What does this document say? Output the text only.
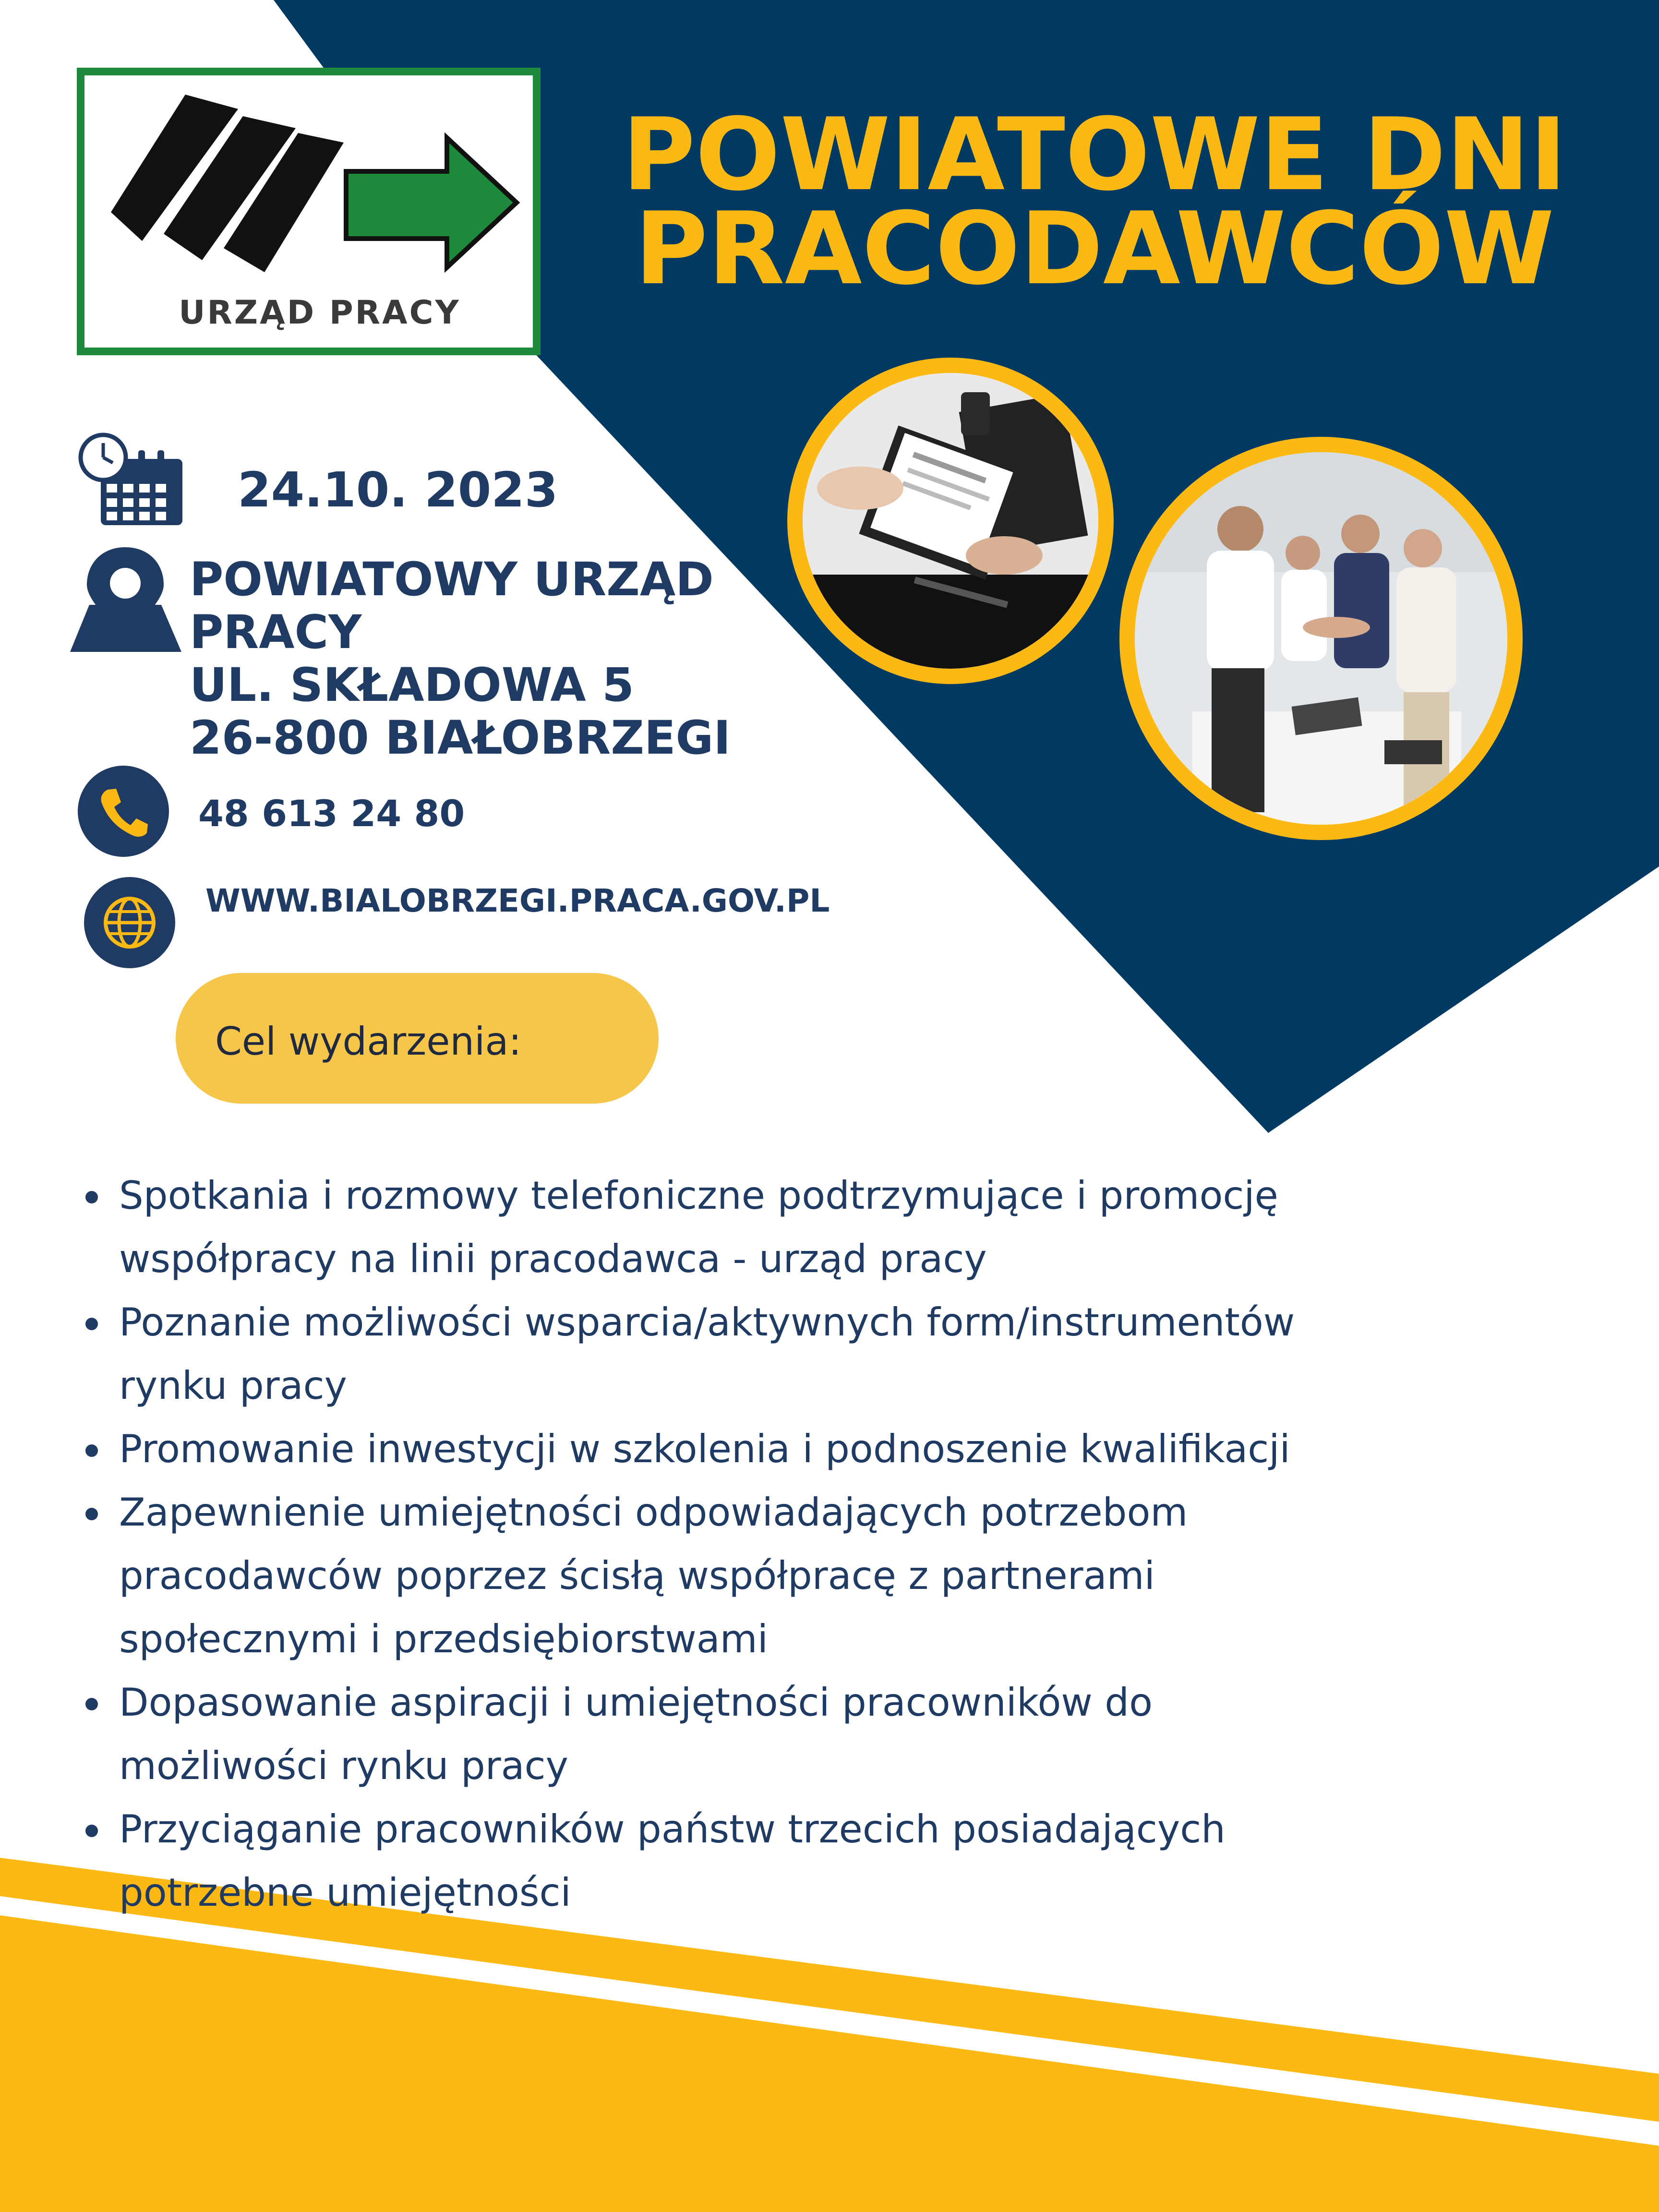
URZĄD PRACY
POWIATOWE DNI
PRACODAWCÓW
24.10. 2023
POWIATOWY URZĄD
PRACY
UL. SKŁADOWA 5
26-800 BIAŁOBRZEGI
48 613 24 80
WWW.BIALOBRZEGI.PRACA.GOV.PL
Cel wydarzenia:
Spotkania i rozmowy telefoniczne podtrzymujące i promocję
współpracy na linii pracodawca - urząd pracy
Poznanie możliwości wsparcia/aktywnych form/instrumentów
rynku pracy
Promowanie inwestycji w szkolenia i podnoszenie kwalifikacji
Zapewnienie umiejętności odpowiadających potrzebom
pracodawców poprzez ścisłą współpracę z partnerami
społecznymi i przedsiębiorstwami
Dopasowanie aspiracji i umiejętności pracowników do
możliwości rynku pracy
Przyciąganie pracowników państw trzecich posiadających
potrzebne umiejętności
